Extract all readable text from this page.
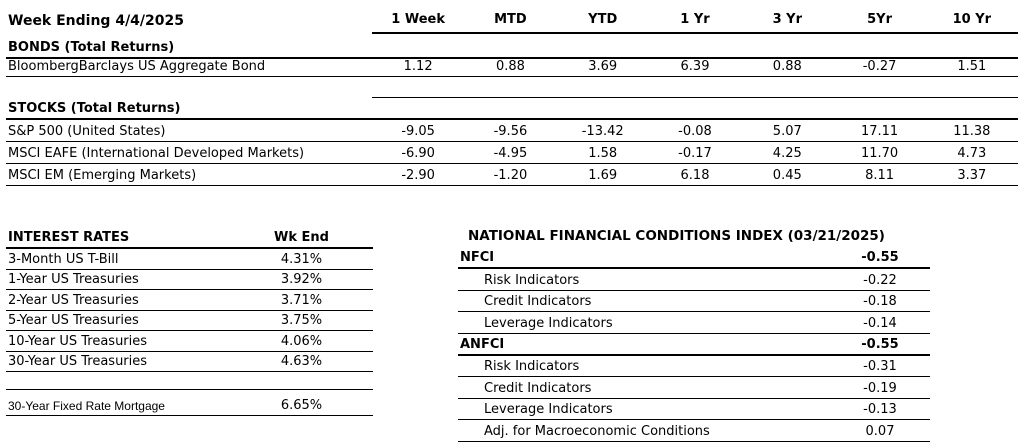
Week Ending 4/4/2025	1 Week	MTD	YTD	1 Yr	3 Yr	5Yr	10 Yr
BONDS (Total Returns)
BloombergBarclays US Aggregate Bond	1.12	0.88	3.69	6.39	0.88	-0.27	1.51
STOCKS (Total Returns)
S&P 500 (United States)	-9.05	-9.56	-13.42	-0.08	5.07	17.11	11.38
MSCI EAFE (International Developed Markets)	-6.90	-4.95	1.58	-0.17	4.25	11.70	4.73
MSCI EM (Emerging Markets)	-2.90	-1.20	1.69	6.18	0.45	8.11	3.37
INTEREST RATES	Wk End
3-Month US T-Bill	4.31%
1-Year US Treasuries	3.92%
2-Year US Treasuries	3.71%
5-Year US Treasuries	3.75%
10-Year US Treasuries	4.06%
30-Year US Treasuries	4.63%
30-Year Fixed Rate Mortgage	6.65%
NATIONAL FINANCIAL CONDITIONS INDEX (03/21/2025)
NFCI	-0.55
Risk Indicators	-0.22
Credit Indicators	-0.18
Leverage Indicators	-0.14
ANFCI	-0.55
Risk Indicators	-0.31
Credit Indicators	-0.19
Leverage Indicators	-0.13
Adj. for Macroeconomic Conditions	0.07
